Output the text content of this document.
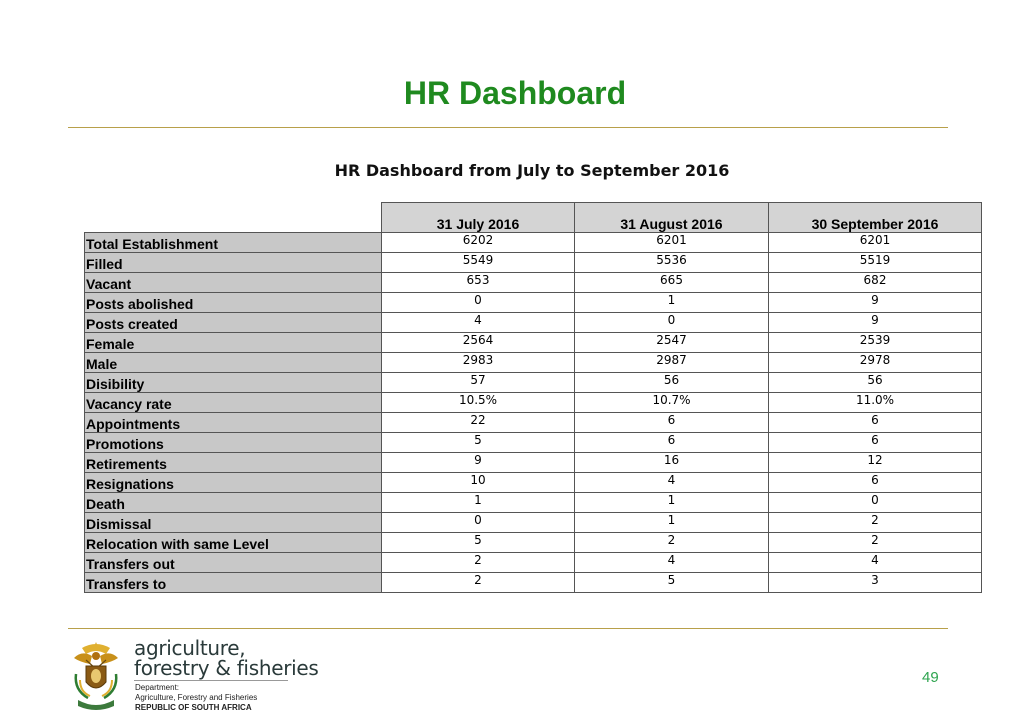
HR Dashboard
HR Dashboard from July to September 2016
	31 July 2016	31 August 2016	30 September 2016
Total Establishment	6202	6201	6201
Filled	5549	5536	5519
Vacant	653	665	682
Posts abolished	0	1	9
Posts created	4	0	9
Female	2564	2547	2539
Male	2983	2987	2978
Disibility	57	56	56
Vacancy rate	10.5%	10.7%	11.0%
Appointments	22	6	6
Promotions	5	6	6
Retirements	9	16	12
Resignations	10	4	6
Death	1	1	0
Dismissal	0	1	2
Relocation with same Level	5	2	2
Transfers out	2	4	4
Transfers to	2	5	3
agriculture,
forestry & fisheries
Department:
Agriculture, Forestry and Fisheries
REPUBLIC OF SOUTH AFRICA
49
